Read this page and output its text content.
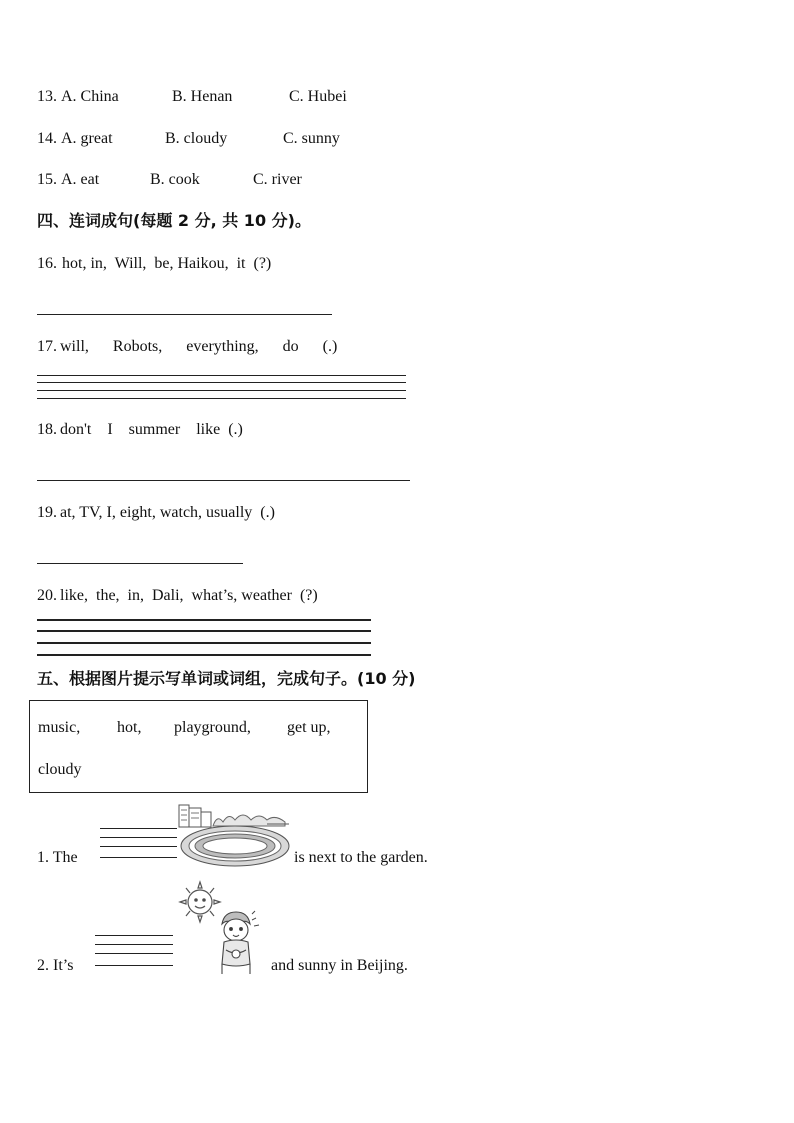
13. A. China	B. Henan	C. Hubei
14. A. great	B. cloudy	C. sunny
15. A. eat	B. cook	C. river
四、连词成句(每题 2 分, 共 10 分)。
16. hot, in,  Will,  be, Haikou,  it  (?)
17. will,      Robots,      everything,      do      (.)
18. don't    I    summer    like  (.)
19. at, TV, I, eight, watch, usually  (.)
20. like,  the,  in,  Dali,  what’s, weather  (?)
五、根据图片提示写单词或词组，完成句子。(10 分)
music, hot, playground, get up,
cloudy
1. The	is next to the garden.
2. It’s	and sunny in Beijing.
